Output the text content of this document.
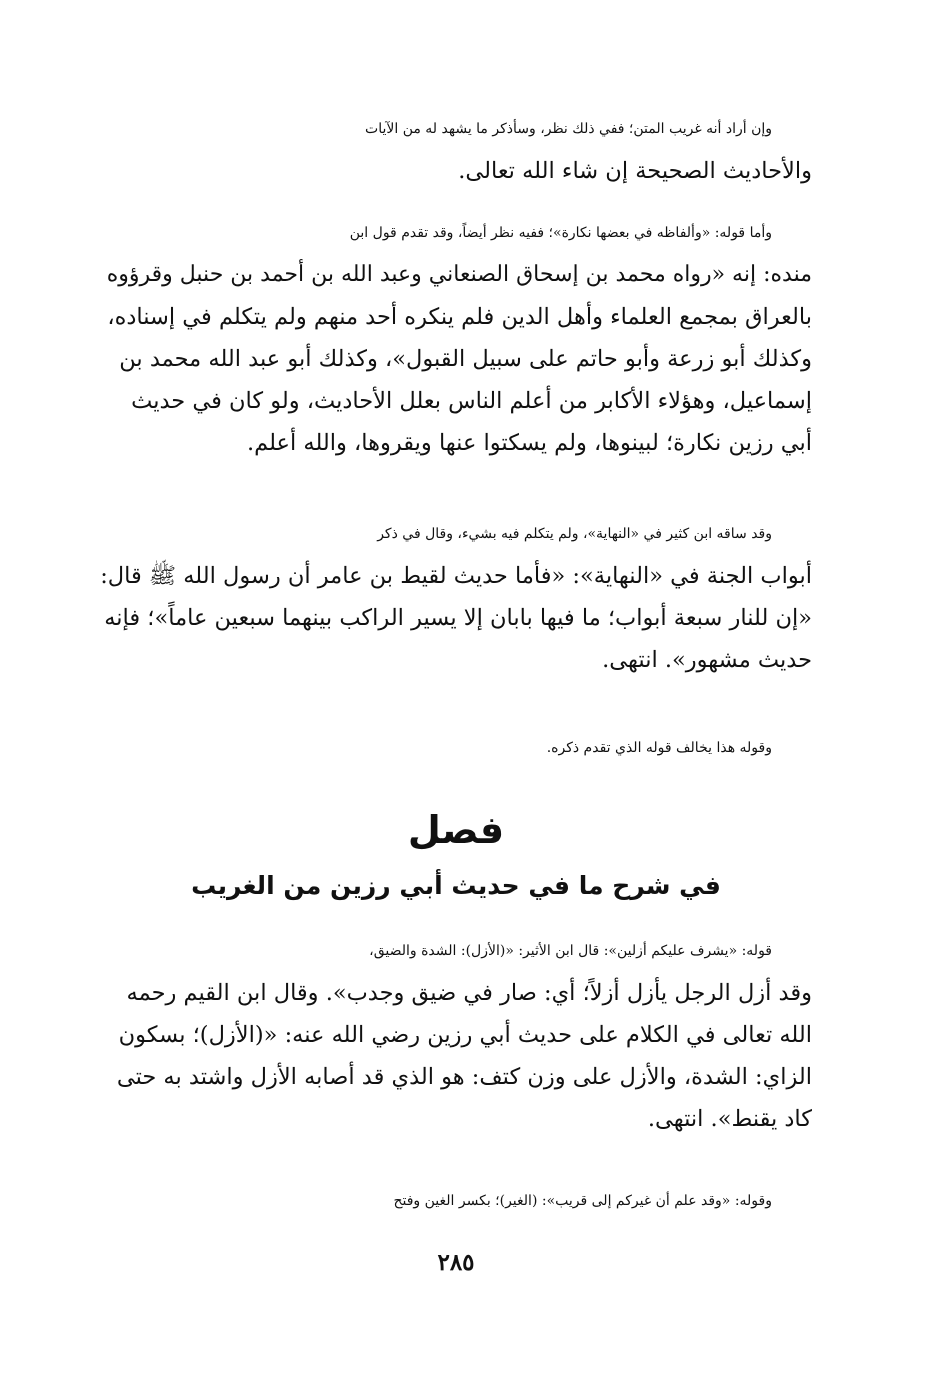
وإن أراد أنه غريب المتن؛ ففي ذلك نظر، وسأذكر ما يشهد له من الآيات
والأحاديث الصحيحة إن شاء الله تعالى.
وأما قوله: «وألفاظه في بعضها نكارة»؛ ففيه نظر أيضاً، وقد تقدم قول ابن
منده: إنه «رواه محمد بن إسحاق الصنعاني وعبد الله بن أحمد بن حنبل وقرؤوه
بالعراق بمجمع العلماء وأهل الدين فلم ينكره أحد منهم ولم يتكلم في إسناده،
وكذلك أبو زرعة وأبو حاتم على سبيل القبول»، وكذلك أبو عبد الله محمد بن
إسماعيل، وهؤلاء الأكابر من أعلم الناس بعلل الأحاديث، ولو كان في حديث
أبي رزين نكارة؛ لبينوها، ولم يسكتوا عنها ويقروها، والله أعلم.
وقد ساقه ابن كثير في «النهاية»، ولم يتكلم فيه بشيء، وقال في ذكر
أبواب الجنة في «النهاية»: «فأما حديث لقيط بن عامر أن رسول الله ﷺ قال:
«إن للنار سبعة أبواب؛ ما فيها بابان إلا يسير الراكب بينهما سبعين عاماً»؛ فإنه
حديث مشهور». انتهى.
وقوله هذا يخالف قوله الذي تقدم ذكره.
فصل
في شرح ما في حديث أبي رزين من الغريب
قوله: «يشرف عليكم أزلين»: قال ابن الأثير: «(الأزل): الشدة والضيق،
وقد أزل الرجل يأزل أزلاً؛ أي: صار في ضيق وجدب». وقال ابن القيم رحمه
الله تعالى في الكلام على حديث أبي رزين رضي الله عنه: «(الأزل)؛ بسكون
الزاي: الشدة، والأزل على وزن كتف: هو الذي قد أصابه الأزل واشتد به حتى
كاد يقنط». انتهى.
وقوله: «وقد علم أن غيركم إلى قريب»: (الغير)؛ بكسر الغين وفتح
٢٨٥
